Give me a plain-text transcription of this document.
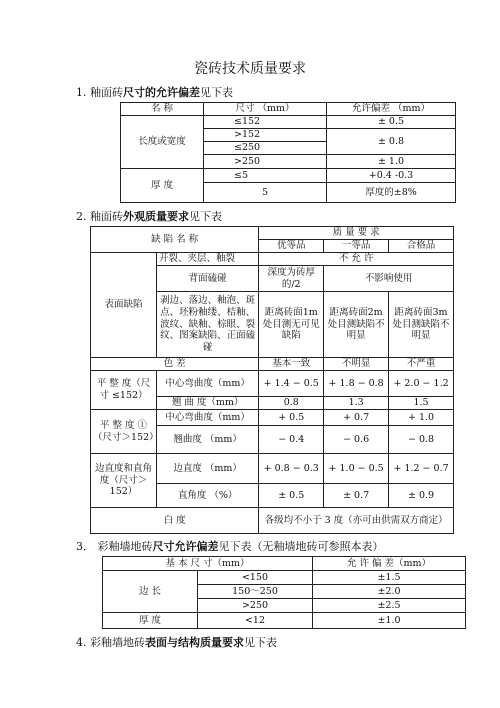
瓷砖技术质量要求
1. 釉面砖尺寸的允许偏差见下表
名 称	尺寸 （mm）	允许偏差 （mm）
长度或宽度	≤152	± 0.5
	>152	± 0.8
	≤250	
	>250	± 1.0
厚 度	≤5	+0.4 -0.3
	5	厚度的±8%
2. 釉面砖外观质量要求见下表
缺 陷 名 称		质 量 要 求		
		优等品	一等品	合格品
表面缺陷	开裂、夹层、釉裂	不 允 许		
	背面磕碰	深度为砖厚的/2	不影响使用	
	剥边、落边、釉泡、斑点、坯粉釉缕、桔釉、波纹、缺釉、棕眼、裂纹、图案缺陷、正面磕碰	距离砖面1m处目测无可见缺陷	距离砖面2m处目测缺陷不明显	距离砖面3m处目测缺陷不明显
色 差		基本一致	不明显	不严重
平 整 度（尺 寸 ≤152）	中心弯曲度（mm）	+ 1.4 − 0.5	+ 1.8 − 0.8	+ 2.0 − 1.2
	翘 曲 度（mm）	0.8	1.3	1.5
平 整 度 ①（尺寸＞152）	中心弯曲度（mm）	+ 0.5	+ 0.7	+ 1.0
	翘曲度 （mm）	− 0.4	− 0.6	− 0.8
边直度和直角度（尺寸＞152）	边直度 （mm）	+ 0.8 − 0.3	+ 1.0 − 0.5	+ 1.2 − 0.7
	直角度 （%）	± 0.5	± 0.7	± 0.9
白 度		各级均不小于 3 度（亦可由供需双方商定）		
3． 彩釉墙地砖尺寸允许偏差见下表（无釉墙地砖可参照本表）
基 本 尺 寸（mm）		允 许 偏 差（mm）
边 长	<150	±1.5
	150～250	±2.0
	>250	±2.5
厚 度	<12	±1.0
4. 彩釉墙地砖表面与结构质量要求见下表
